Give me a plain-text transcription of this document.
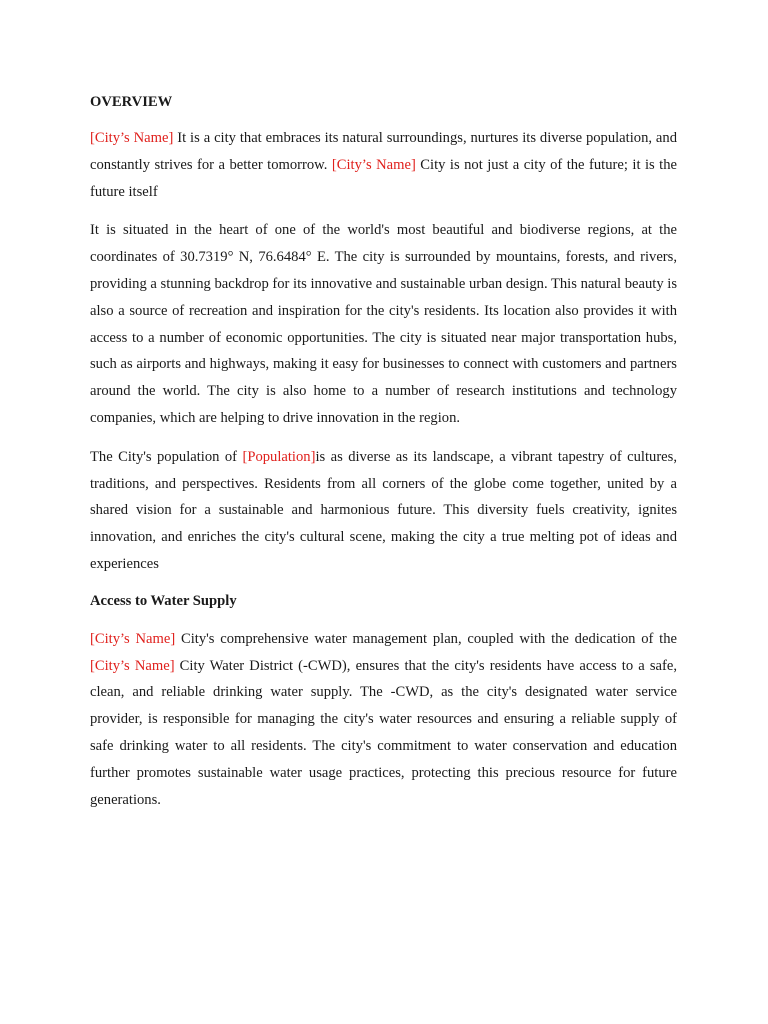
OVERVIEW

[City’s Name] It is a city that embraces its natural surroundings, nurtures its diverse population, and constantly strives for a better tomorrow. [City’s Name] City is not just a city of the future; it is the future itself

It is situated in the heart of one of the world's most beautiful and biodiverse regions, at the coordinates of 30.7319° N, 76.6484° E. The city is surrounded by mountains, forests, and rivers, providing a stunning backdrop for its innovative and sustainable urban design. This natural beauty is also a source of recreation and inspiration for the city's residents. Its location also provides it with access to a number of economic opportunities. The city is situated near major transportation hubs, such as airports and highways, making it easy for businesses to connect with customers and partners around the world. The city is also home to a number of research institutions and technology companies, which are helping to drive innovation in the region.

The City's population of [Population]is as diverse as its landscape, a vibrant tapestry of cultures, traditions, and perspectives. Residents from all corners of the globe come together, united by a shared vision for a sustainable and harmonious future. This diversity fuels creativity, ignites innovation, and enriches the city's cultural scene, making the city a true melting pot of ideas and experiences

Access to Water Supply

[City’s Name] City's comprehensive water management plan, coupled with the dedication of the [City’s Name] City Water District (-CWD), ensures that the city's residents have access to a safe, clean, and reliable drinking water supply. The -CWD, as the city's designated water service provider, is responsible for managing the city's water resources and ensuring a reliable supply of safe drinking water to all residents. The city's commitment to water conservation and education further promotes sustainable water usage practices, protecting this precious resource for future generations.
